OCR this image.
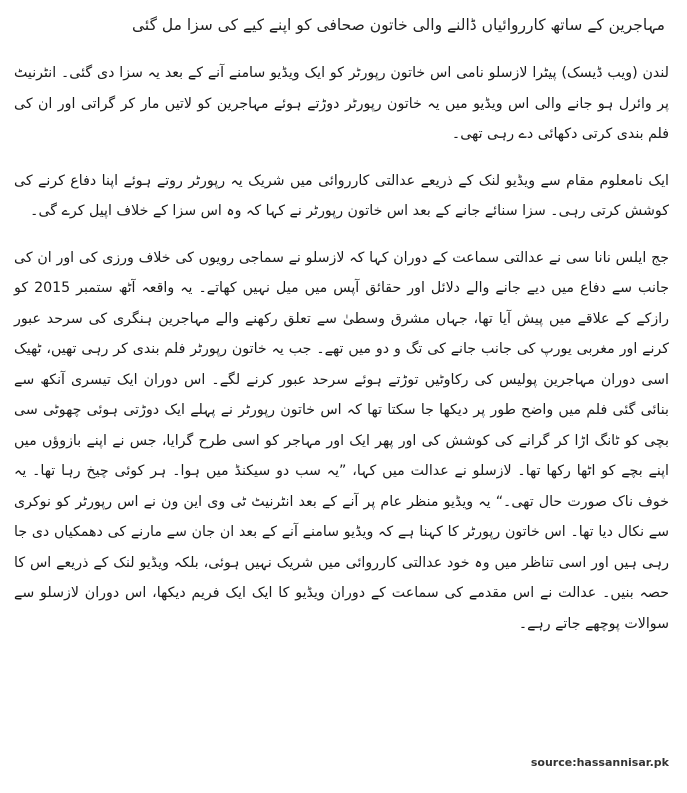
مہاجرین کے ساتھ کارروائیاں ڈالنے والی خاتون صحافی کو اپنے کیے کی سزا مل گئی

لندن (ویب ڈیسک) پیٹرا لازسلو نامی اس خاتون رپورٹر کو ایک ویڈیو سامنے آنے کے بعد یہ سزا دی گئی۔ انٹرنیٹ پر وائرل ہو جانے والی اس ویڈیو میں یہ خاتون رپورٹر دوڑتے ہوئے مہاجرین کو لاتیں مار کر گراتی اور ان کی فلم بندی کرتی دکھائی دے رہی تھی۔

ایک نامعلوم مقام سے ویڈیو لنک کے ذریعے عدالتی کارروائی میں شریک یہ رپورٹر روتے ہوئے اپنا دفاع کرنے کی کوشش کرتی رہی۔ سزا سنائے جانے کے بعد اس خاتون رپورٹر نے کہا کہ وہ اس سزا کے خلاف اپیل کرے گی۔

جج ایلس نانا سی نے عدالتی سماعت کے دوران کہا کہ لازسلو نے سماجی رویوں کی خلاف ورزی کی اور ان کی جانب سے دفاع میں دیے جانے والے دلائل اور حقائق آپس میں میل نہیں کھاتے۔ یہ واقعہ آٹھ ستمبر 2015 کو رازکے کے علاقے میں پیش آیا تھا، جہاں مشرق وسطیٰ سے تعلق رکھنے والے مہاجرین ہنگری کی سرحد عبور کرنے اور مغربی یورپ کی جانب جانے کی تگ و دو میں تھے۔ جب یہ خاتون رپورٹر فلم بندی کر رہی تھیں، ٹھیک اسی دوران مہاجرین پولیس کی رکاوٹیں توڑتے ہوئے سرحد عبور کرنے لگے۔ اس دوران ایک تیسری آنکھ سے بنائی گئی فلم میں واضح طور پر دیکھا جا سکتا تھا کہ اس خاتون رپورٹر نے پہلے ایک دوڑتی ہوئی چھوٹی سی بچی کو ٹانگ اڑا کر گرانے کی کوشش کی اور پھر ایک اور مہاجر کو اسی طرح گرایا، جس نے اپنے بازوؤں میں اپنے بچے کو اٹھا رکھا تھا۔ لازسلو نے عدالت میں کہا، ”یہ سب دو سیکنڈ میں ہوا۔ ہر کوئی چیخ رہا تھا۔ یہ خوف ناک صورت حال تھی۔“ یہ ویڈیو منظر عام پر آنے کے بعد انٹرنیٹ ٹی وی این ون نے اس رپورٹر کو نوکری سے نکال دیا تھا۔ اس خاتون رپورٹر کا کہنا ہے کہ ویڈیو سامنے آنے کے بعد ان جان سے مارنے کی دھمکیاں دی جا رہی ہیں اور اسی تناظر میں وہ خود عدالتی کارروائی میں شریک نہیں ہوئی، بلکہ ویڈیو لنک کے ذریعے اس کا حصہ بنیں۔ عدالت نے اس مقدمے کی سماعت کے دوران ویڈیو کا ایک ایک فریم دیکھا، اس دوران لازسلو سے سوالات پوچھے جاتے رہے۔

source:hassannisar.pk
